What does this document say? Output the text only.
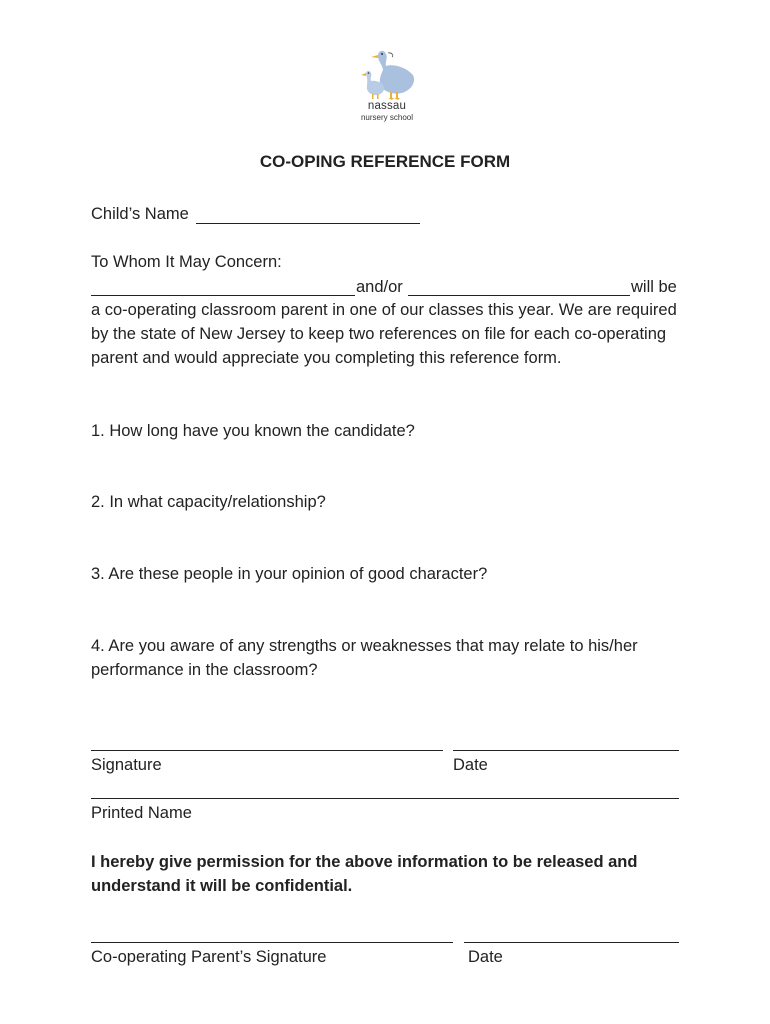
nassau
nursery school
CO-OPING REFERENCE FORM
Child’s Name
To Whom It May Concern:
and/or	will be
a co-operating classroom parent in one of our classes this year. We are required by the state of New Jersey to keep two references on file for each co-operating parent and would appreciate you completing this reference form.
1. How long have you known the candidate?
2. In what capacity/relationship?
3. Are these people in your opinion of good character?
4. Are you aware of any strengths or weaknesses that may relate to his/her performance in the classroom?
Signature	Date
Printed Name
I hereby give permission for the above information to be released and understand it will be confidential.
Co-operating Parent’s Signature	Date
